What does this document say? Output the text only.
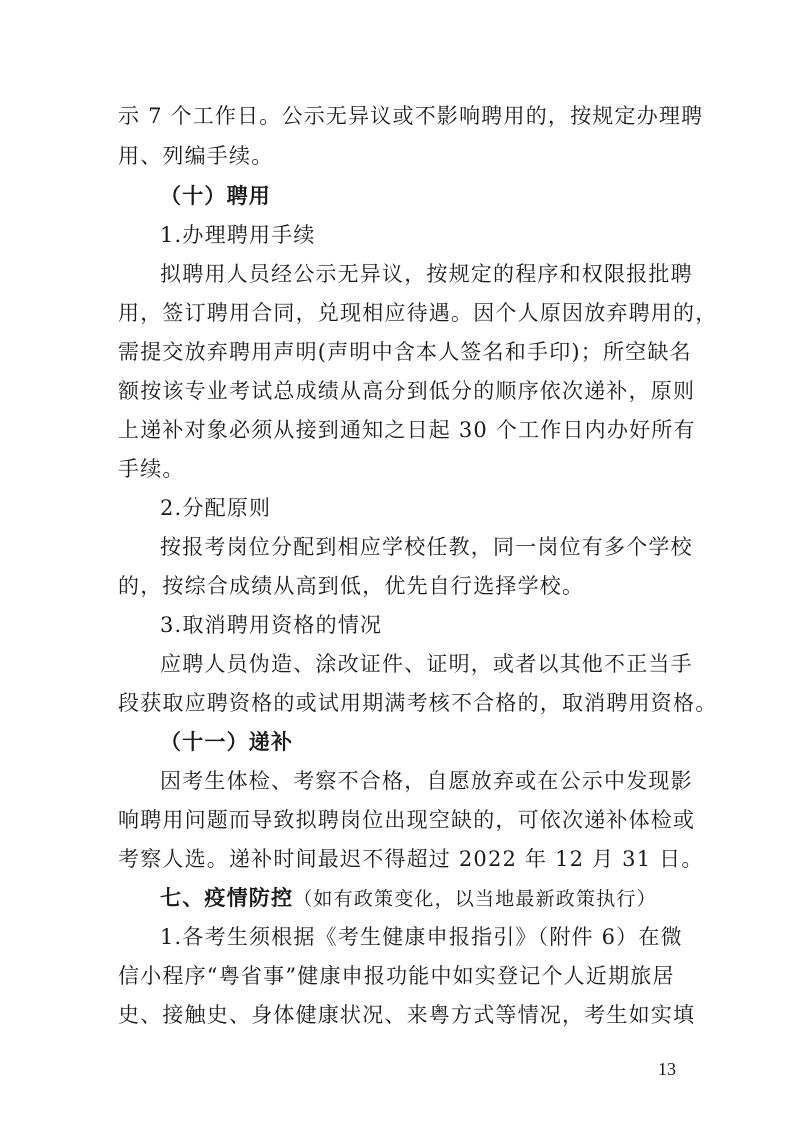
示 7 个工作日。公示无异议或不影响聘用的，按规定办理聘
用、列编手续。
（十）聘用
1.办理聘用手续
拟聘用人员经公示无异议，按规定的程序和权限报批聘
用，签订聘用合同，兑现相应待遇。因个人原因放弃聘用的，
需提交放弃聘用声明(声明中含本人签名和手印)；所空缺名
额按该专业考试总成绩从高分到低分的顺序依次递补，原则
上递补对象必须从接到通知之日起 30 个工作日内办好所有
手续。
2.分配原则
按报考岗位分配到相应学校任教，同一岗位有多个学校
的，按综合成绩从高到低，优先自行选择学校。
3.取消聘用资格的情况
应聘人员伪造、涂改证件、证明，或者以其他不正当手
段获取应聘资格的或试用期满考核不合格的，取消聘用资格。
（十一）递补
因考生体检、考察不合格，自愿放弃或在公示中发现影
响聘用问题而导致拟聘岗位出现空缺的，可依次递补体检或
考察人选。递补时间最迟不得超过 2022 年 12 月 31 日。
七、疫情防控（如有政策变化，以当地最新政策执行）
1.各考生须根据《考生健康申报指引》（附件 6）在微
信小程序“粤省事”健康申报功能中如实登记个人近期旅居
史、接触史、身体健康状况、来粤方式等情况，考生如实填
13
